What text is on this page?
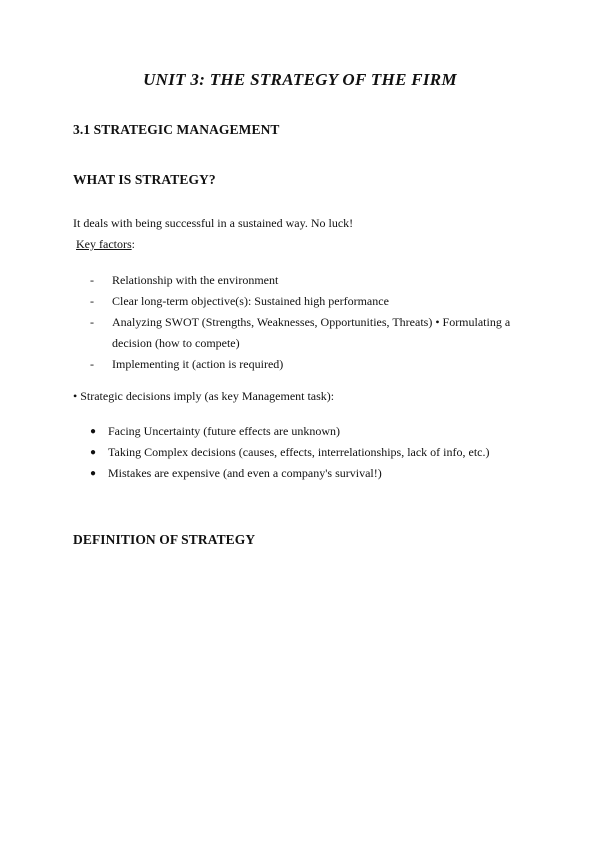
UNIT 3: THE STRATEGY OF THE FIRM
3.1 STRATEGIC MANAGEMENT
WHAT IS STRATEGY?

It deals with being successful in a sustained way. No luck!

Key factors:

- Relationship with the environment
- Clear long-term objective(s): Sustained high performance
- Analyzing SWOT (Strengths, Weaknesses, Opportunities, Threats) • Formulating a decision (how to compete)
- Implementing it (action is required)

• Strategic decisions imply (as key Management task):

● Facing Uncertainty (future effects are unknown)
● Taking Complex decisions (causes, effects, interrelationships, lack of info, etc.)
● Mistakes are expensive (and even a company's survival!)
DEFINITION OF STRATEGY
